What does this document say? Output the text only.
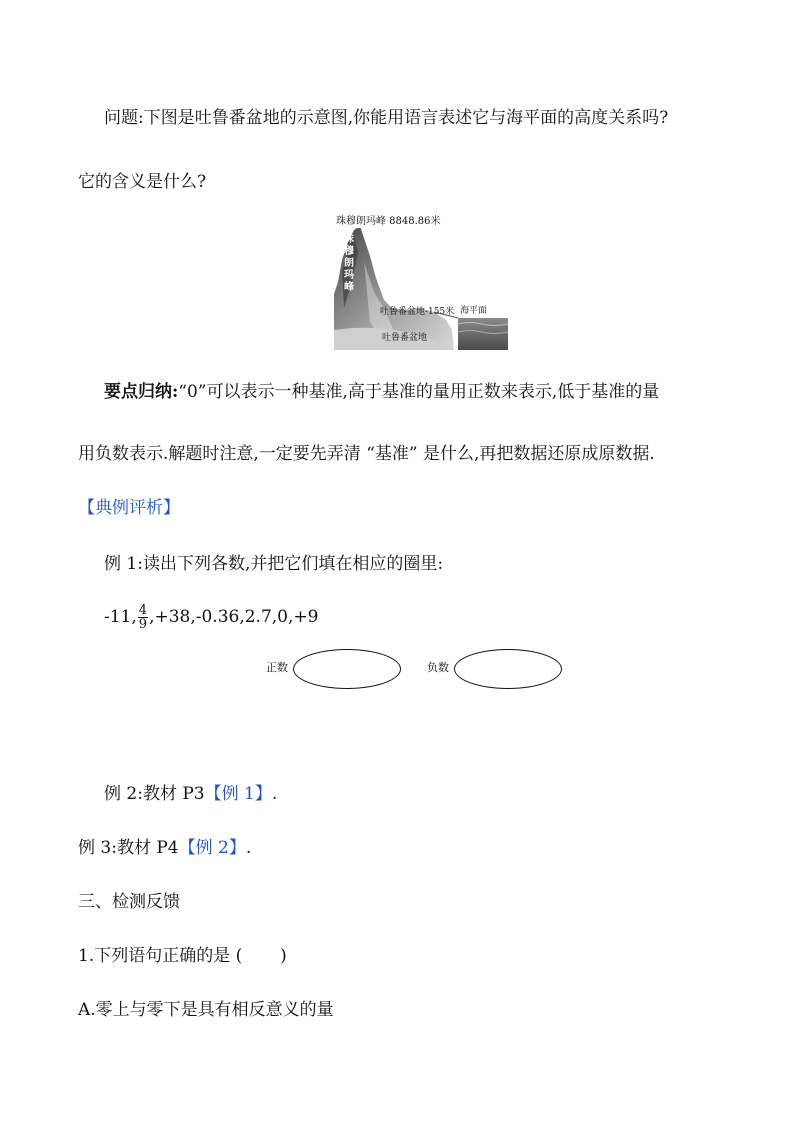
问题:下图是吐鲁番盆地的示意图,你能用语言表述它与海平面的高度关系吗?
它的含义是什么?
珠穆朗玛峰 8848.86米
珠
穆
朗
玛
峰
吐鲁番盆地-155米 海平面
吐鲁番盆地
要点归纳:“0”可以表示一种基准,高于基准的量用正数来表示,低于基准的量
用负数表示.解题时注意,一定要先弄清 “基准” 是什么,再把数据还原成原数据.
【典例评析】
例 1:读出下列各数,并把它们填在相应的圈里:
-11, $\frac{4}{9} ,+38,-0.36,2.7,0,+9$
正数	负数
例 2:教材 P3【例 1】.
例 3:教材 P4【例 2】.
三、检测反馈
1.下列语句正确的是 (       )
A.零上与零下是具有相反意义的量
